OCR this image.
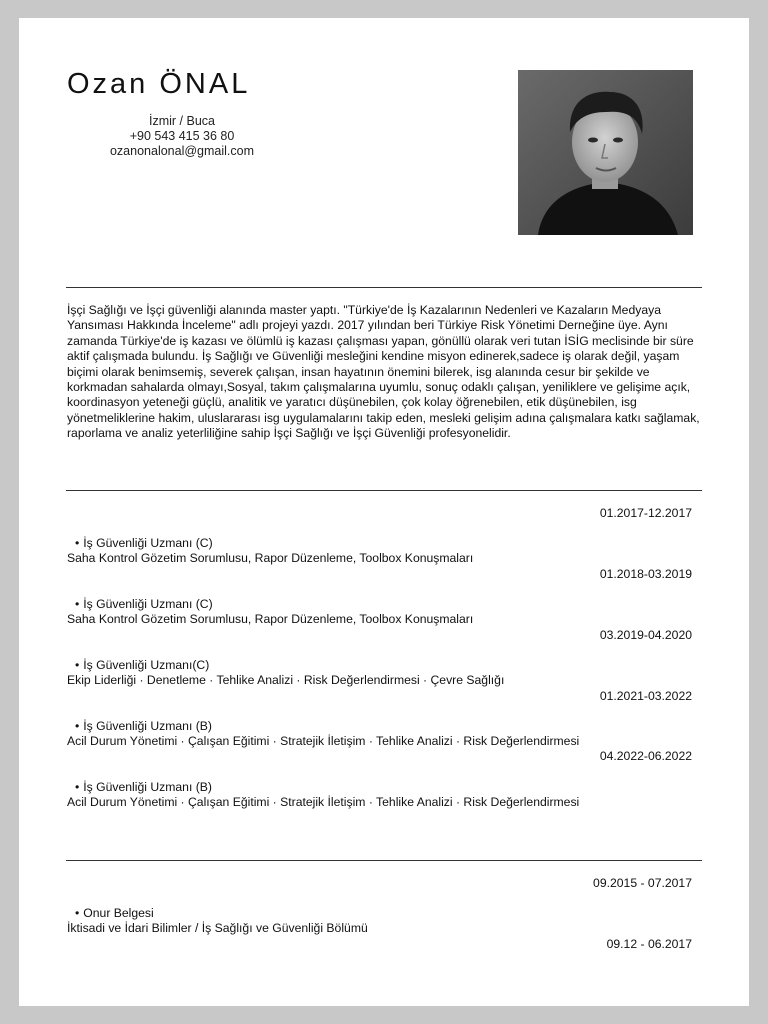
Ozan ÖNAL
İzmir / Buca
+90 543 415 36 80
ozanonalonal@gmail.com
İşçi Sağlığı ve İşçi güvenliği alanında master yaptı. "Türkiye'de İş Kazalarının Nedenleri ve Kazaların Medyaya Yansıması Hakkında İnceleme" adlı projeyi yazdı. 2017 yılından beri Türkiye Risk Yönetimi Derneğine üye. Aynı zamanda Türkiye'de iş kazası ve ölümlü iş kazası çalışması yapan, gönüllü olarak veri tutan İSİG meclisinde bir süre aktif çalışmada bulundu. İş Sağlığı ve Güvenliği mesleğini kendine misyon edinerek,sadece iş olarak değil, yaşam biçimi olarak benimsemiş, severek çalışan, insan hayatının önemini bilerek, isg alanında cesur bir şekilde ve korkmadan sahalarda olmayı,Sosyal, takım çalışmalarına uyumlu, sonuç odaklı çalışan, yeniliklere ve gelişime açık, koordinasyon yeteneği güçlü, analitik ve yaratıcı düşünebilen, çok kolay öğrenebilen, etik düşünebilen, isg yönetmeliklerine hakim, uluslararası isg uygulamalarını takip eden, mesleki gelişim adına çalışmalara katkı sağlamak, raporlama ve analiz yeterliliğine sahip İşçi Sağlığı ve İşçi Güvenliği profesyonelidir.
01.2017-12.2017
• İş Güvenliği Uzmanı (C)
Saha Kontrol Gözetim Sorumlusu, Rapor Düzenleme, Toolbox Konuşmaları
01.2018-03.2019
• İş Güvenliği Uzmanı (C)
Saha Kontrol Gözetim Sorumlusu, Rapor Düzenleme, Toolbox Konuşmaları
03.2019-04.2020
• İş Güvenliği Uzmanı(C)
Ekip Liderliği · Denetleme · Tehlike Analizi · Risk Değerlendirmesi · Çevre Sağlığı
01.2021-03.2022
• İş Güvenliği Uzmanı (B)
Acil Durum Yönetimi · Çalışan Eğitimi · Stratejik İletişim · Tehlike Analizi · Risk Değerlendirmesi
04.2022-06.2022
• İş Güvenliği Uzmanı (B)
Acil Durum Yönetimi · Çalışan Eğitimi · Stratejik İletişim · Tehlike Analizi · Risk Değerlendirmesi
09.2015 - 07.2017
• Onur Belgesi
İktisadi ve İdari Bilimler / İş Sağlığı ve Güvenliği Bölümü
09.12 - 06.2017
